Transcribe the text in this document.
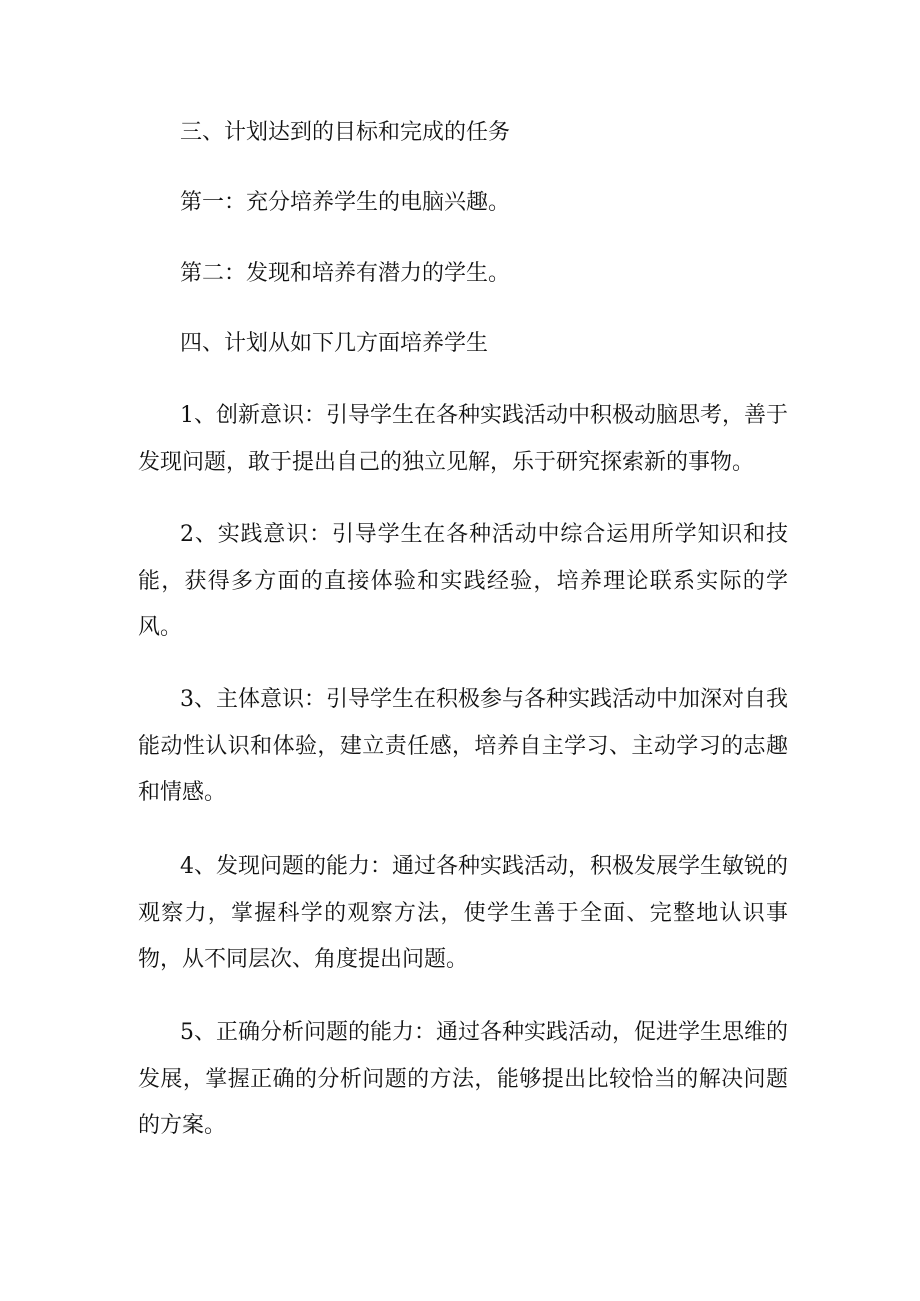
三、计划达到的目标和完成的任务

第一：充分培养学生的电脑兴趣。

第二：发现和培养有潜力的学生。

四、计划从如下几方面培养学生

1、创新意识：引导学生在各种实践活动中积极动脑思考，善于发现问题，敢于提出自己的独立见解，乐于研究探索新的事物。

2、实践意识：引导学生在各种活动中综合运用所学知识和技能，获得多方面的直接体验和实践经验，培养理论联系实际的学风。

3、主体意识：引导学生在积极参与各种实践活动中加深对自我能动性认识和体验，建立责任感，培养自主学习、主动学习的志趣和情感。

4、发现问题的能力：通过各种实践活动，积极发展学生敏锐的观察力，掌握科学的观察方法，使学生善于全面、完整地认识事物，从不同层次、角度提出问题。

5、正确分析问题的能力：通过各种实践活动，促进学生思维的发展，掌握正确的分析问题的方法，能够提出比较恰当的解决问题的方案。
